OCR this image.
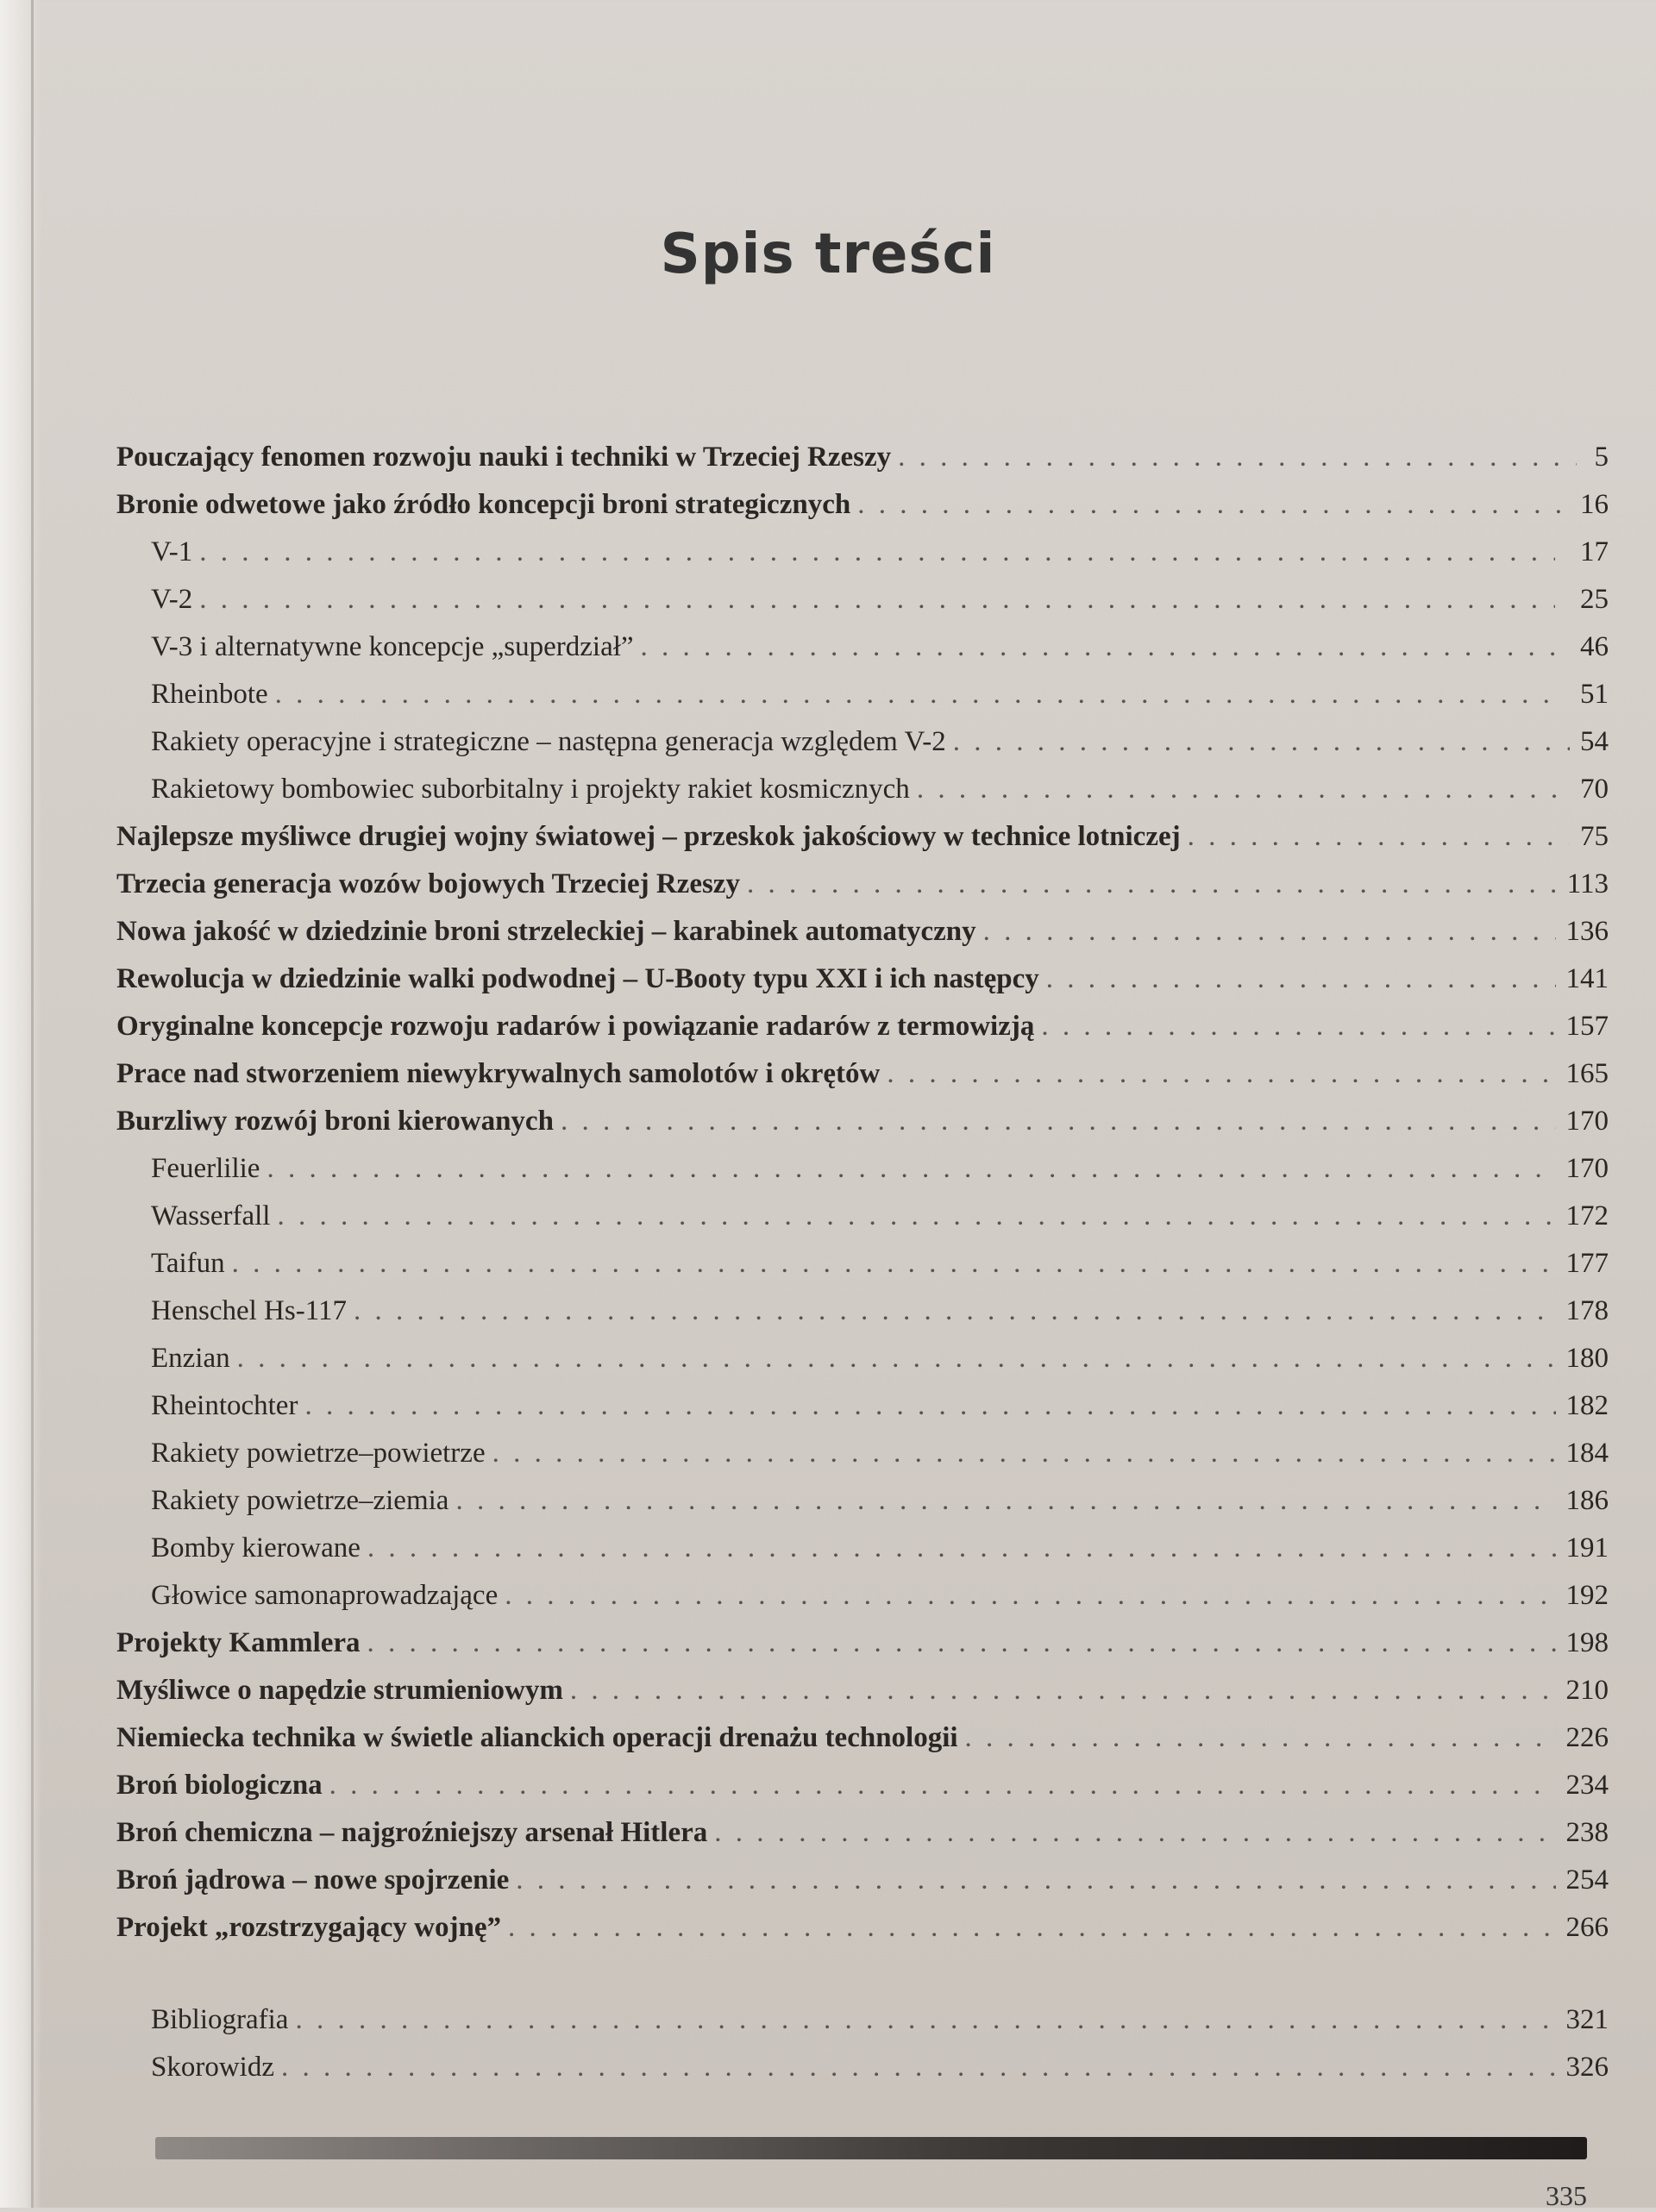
Spis treści
Pouczający fenomen rozwoju nauki i techniki w Trzeciej Rzeszy . . .	5
Bronie odwetowe jako źródło koncepcji broni strategicznych . . .	16
V-1 . . .	17
V-2 . . .	25
V-3 i alternatywne koncepcje „superdział” . . .	46
Rheinbote . . .	51
Rakiety operacyjne i strategiczne – następna generacja względem V-2 . . .	54
Rakietowy bombowiec suborbitalny i projekty rakiet kosmicznych . . .	70
Najlepsze myśliwce drugiej wojny światowej – przeskok jakościowy w technice lotniczej . . .	75
Trzecia generacja wozów bojowych Trzeciej Rzeszy . . .	113
Nowa jakość w dziedzinie broni strzeleckiej – karabinek automatyczny . . .	136
Rewolucja w dziedzinie walki podwodnej – U-Booty typu XXI i ich następcy . . .	141
Oryginalne koncepcje rozwoju radarów i powiązanie radarów z termowizją . . .	157
Prace nad stworzeniem niewykrywalnych samolotów i okrętów . . .	165
Burzliwy rozwój broni kierowanych . . .	170
Feuerlilie . . .	170
Wasserfall . . .	172
Taifun . . .	177
Henschel Hs-117 . . .	178
Enzian . . .	180
Rheintochter . . .	182
Rakiety powietrze–powietrze . . .	184
Rakiety powietrze–ziemia . . .	186
Bomby kierowane . . .	191
Głowice samonaprowadzające . . .	192
Projekty Kammlera . . .	198
Myśliwce o napędzie strumieniowym . . .	210
Niemiecka technika w świetle alianckich operacji drenażu technologii . . .	226
Broń biologiczna . . .	234
Broń chemiczna – najgroźniejszy arsenał Hitlera . . .	238
Broń jądrowa – nowe spojrzenie . . .	254
Projekt „rozstrzygający wojnę” . . .	266
Bibliografia . . .	321
Skorowidz . . .	326
335
